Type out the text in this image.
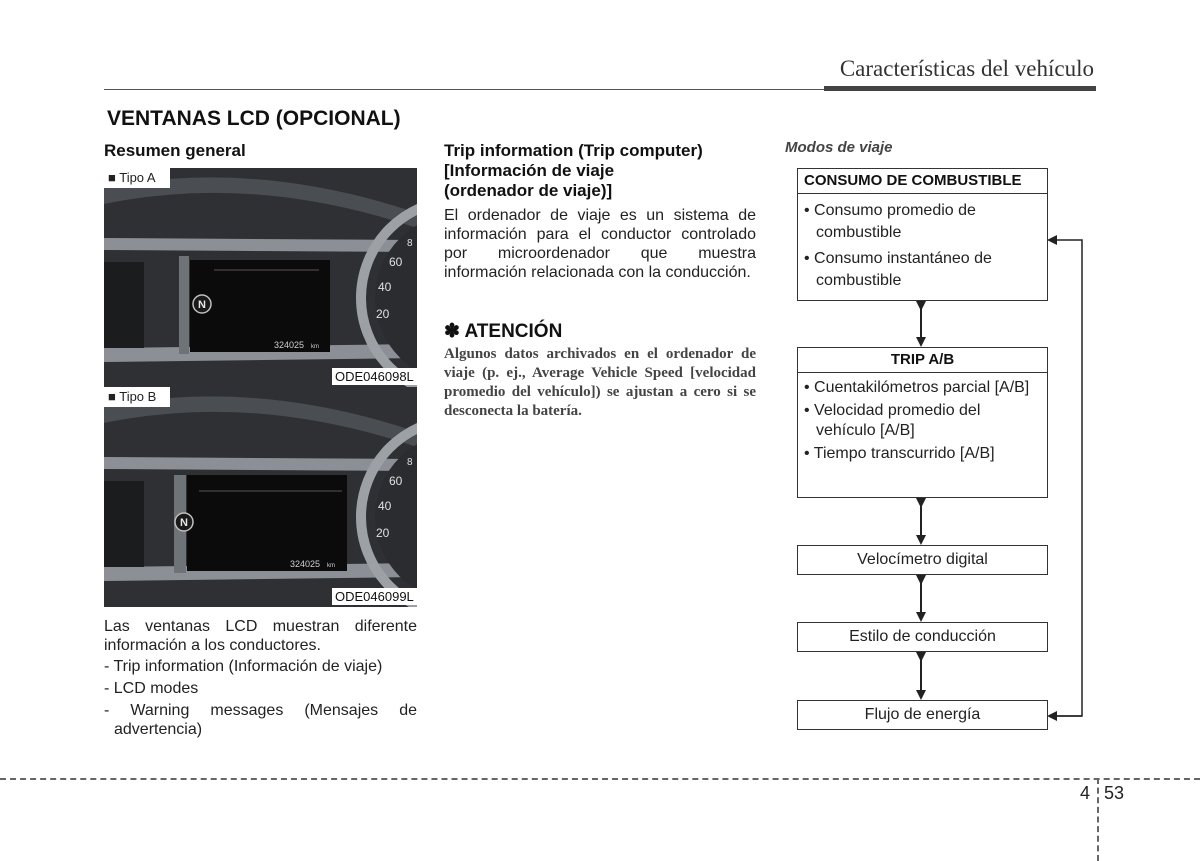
Características del vehículo
VENTANAS LCD (OPCIONAL)
Resumen general
324025 km
N
60
40
20
8
■ Tipo A
ODE046098L
324025 km
N
60
40
20
8
■ Tipo B
ODE046099L
Las ventanas LCD muestran diferente información a los conductores.
- Trip information (Información de viaje)
- LCD modes
- Warning messages (Mensajes de advertencia)
Trip information (Trip computer)
[Información de viaje
(ordenador de viaje)]
El ordenador de viaje es un sistema de información para el conductor controlado por microordenador que muestra información relacionada con la conducción.
✽ ATENCIÓN
Algunos datos archivados en el ordenador de viaje (p. ej., Average Vehicle Speed [velocidad promedio del vehículo]) se ajustan a cero si se desconecta la batería.
Modos de viaje
CONSUMO DE COMBUSTIBLE
• Consumo promedio de combustible
• Consumo instantáneo de combustible
TRIP A/B
• Cuentakilómetros parcial [A/B]
• Velocidad promedio del vehículo [A/B]
• Tiempo transcurrido [A/B]
Velocímetro digital
Estilo de conducción
Flujo de energía
4 53
